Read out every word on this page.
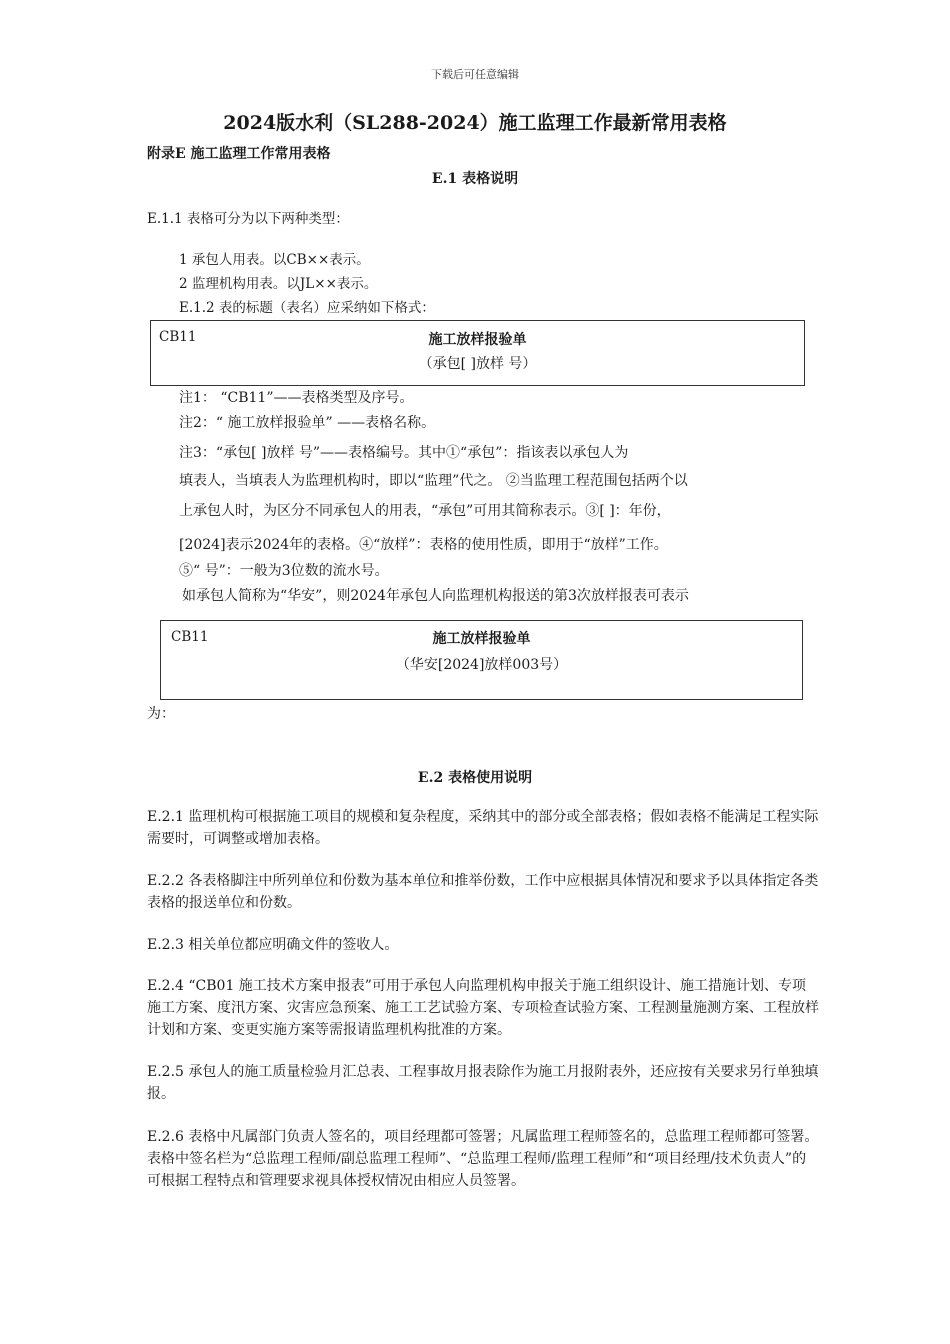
下载后可任意编辑
2024版水利（SL288-2024）施工监理工作最新常用表格
附录E 施工监理工作常用表格
E.1 表格说明
E.1.1 表格可分为以下两种类型：
1 承包人用表。以CB××表示。
2 监理机构用表。以JL××表示。
E.1.2 表的标题（表名）应采纳如下格式：
CB11	施工放样报验单
（承包[ ]放样 号）
注1： “CB11”——表格类型及序号。
注2：“ 施工放样报验单” ——表格名称。
注3：“承包[ ]放样 号”——表格编号。其中①“承包”：指该表以承包人为
填表人，当填表人为监理机构时，即以“监理”代之。 ②当监理工程范围包括两个以
上承包人时，为区分不同承包人的用表，“承包”可用其简称表示。③[ ]：年份，
[2024]表示2024年的表格。④“放样”：表格的使用性质，即用于“放样”工作。
⑤“ 号”：一般为3位数的流水号。
如承包人简称为“华安”，则2024年承包人向监理机构报送的第3次放样报表可表示
CB11	施工放样报验单
（华安[2024]放样003号）
为：
E.2 表格使用说明
E.2.1 监理机构可根据施工项目的规模和复杂程度，采纳其中的部分或全部表格；假如表格不能满足工程实际需要时，可调整或增加表格。
E.2.2 各表格脚注中所列单位和份数为基本单位和推举份数，工作中应根据具体情况和要求予以具体指定各类表格的报送单位和份数。
E.2.3 相关单位都应明确文件的签收人。
E.2.4 “CB01 施工技术方案申报表”可用于承包人向监理机构申报关于施工组织设计、施工措施计划、专项施工方案、度汛方案、灾害应急预案、施工工艺试验方案、专项检查试验方案、工程测量施测方案、工程放样计划和方案、变更实施方案等需报请监理机构批准的方案。
E.2.5 承包人的施工质量检验月汇总表、工程事故月报表除作为施工月报附表外，还应按有关要求另行单独填报。
E.2.6 表格中凡属部门负责人签名的，项目经理都可签署；凡属监理工程师签名的，总监理工程师都可签署。表格中签名栏为“总监理工程师/副总监理工程师”、“总监理工程师/监理工程师”和“项目经理/技术负责人”的可根据工程特点和管理要求视具体授权情况由相应人员签署。
